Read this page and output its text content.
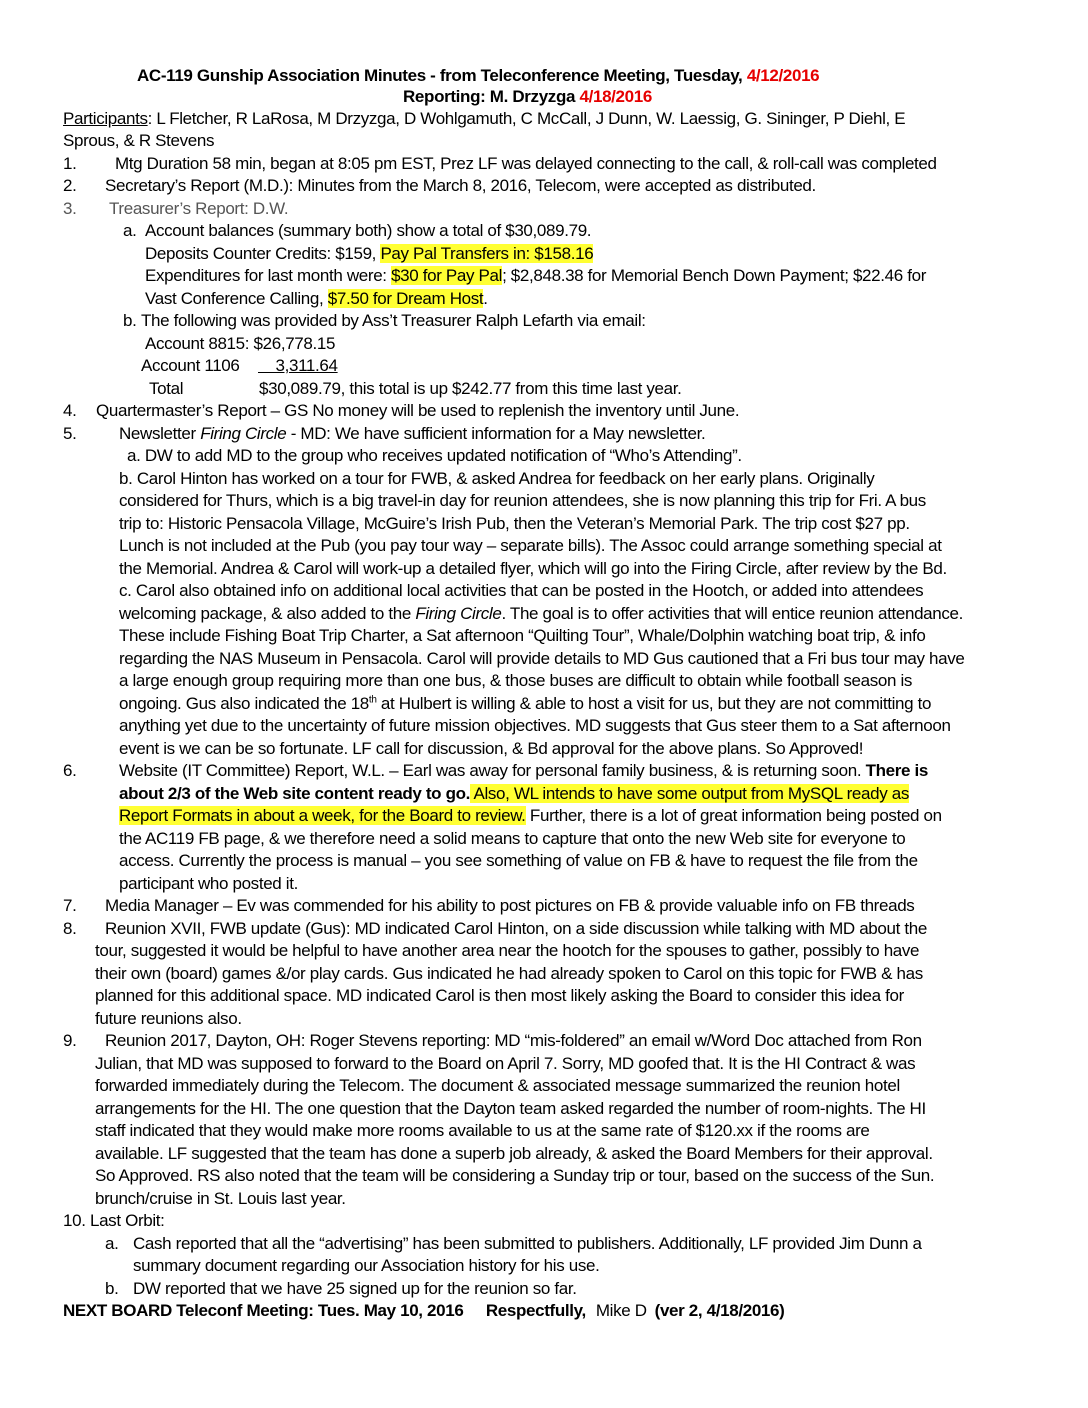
AC-119 Gunship Association Minutes - from Teleconference Meeting, Tuesday, 4/12/2016
Reporting: M. Drzyzga 4/18/2016
Participants: L Fletcher, R LaRosa, M Drzyzga, D Wohlgamuth, C McCall, J Dunn, W. Laessig, G. Sininger, P Diehl, E
Sprous, & R Stevens
1. Mtg Duration 58 min, began at 8:05 pm EST, Prez LF was delayed connecting to the call, & roll-call was completed
2. Secretary’s Report (M.D.): Minutes from the March 8, 2016, Telecom, were accepted as distributed.
3. Treasurer’s Report: D.W.
a. Account balances (summary both) show a total of $30,089.79.
Deposits Counter Credits: $159, Pay Pal Transfers in: $158.16
Expenditures for last month were: $30 for Pay Pal; $2,848.38 for Memorial Bench Down Payment; $22.46 for
Vast Conference Calling, $7.50 for Dream Host.
b. The following was provided by Ass’t Treasurer Ralph Lefarth via email:
Account 8815: $26,778.15
Account 1106 3,311.64
Total	$30,089.79, this total is up $242.77 from this time last year.
4. Quartermaster’s Report – GS No money will be used to replenish the inventory until June.
5.	Newsletter Firing Circle - MD: We have sufficient information for a May newsletter.
a. DW to add MD to the group who receives updated notification of “Who’s Attending”.
b. Carol Hinton has worked on a tour for FWB, & asked Andrea for feedback on her early plans. Originally
considered for Thurs, which is a big travel-in day for reunion attendees, she is now planning this trip for Fri. A bus
trip to: Historic Pensacola Village, McGuire’s Irish Pub, then the Veteran’s Memorial Park. The trip cost $27 pp.
Lunch is not included at the Pub (you pay tour way – separate bills). The Assoc could arrange something special at
the Memorial. Andrea & Carol will work-up a detailed flyer, which will go into the Firing Circle, after review by the Bd.
c. Carol also obtained info on additional local activities that can be posted in the Hootch, or added into attendees
welcoming package, & also added to the Firing Circle. The goal is to offer activities that will entice reunion attendance.
These include Fishing Boat Trip Charter, a Sat afternoon “Quilting Tour”, Whale/Dolphin watching boat trip, & info
regarding the NAS Museum in Pensacola. Carol will provide details to MD Gus cautioned that a Fri bus tour may have
a large enough group requiring more than one bus, & those buses are difficult to obtain while football season is
ongoing. Gus also indicated the 18th at Hulbert is willing & able to host a visit for us, but they are not committing to
anything yet due to the uncertainty of future mission objectives. MD suggests that Gus steer them to a Sat afternoon
event is we can be so fortunate. LF call for discussion, & Bd approval for the above plans. So Approved!
6.	Website (IT Committee) Report, W.L. – Earl was away for personal family business, & is returning soon. There is
about 2/3 of the Web site content ready to go. Also, WL intends to have some output from MySQL ready as
Report Formats in about a week, for the Board to review. Further, there is a lot of great information being posted on
the AC119 FB page, & we therefore need a solid means to capture that onto the new Web site for everyone to
access. Currently the process is manual – you see something of value on FB & have to request the file from the
participant who posted it.
7. Media Manager – Ev was commended for his ability to post pictures on FB & provide valuable info on FB threads
8. Reunion XVII, FWB update (Gus): MD indicated Carol Hinton, on a side discussion while talking with MD about the
tour, suggested it would be helpful to have another area near the hootch for the spouses to gather, possibly to have
their own (board) games &/or play cards. Gus indicated he had already spoken to Carol on this topic for FWB & has
planned for this additional space. MD indicated Carol is then most likely asking the Board to consider this idea for
future reunions also.
9. Reunion 2017, Dayton, OH: Roger Stevens reporting: MD “mis-foldered” an email w/Word Doc attached from Ron
Julian, that MD was supposed to forward to the Board on April 7. Sorry, MD goofed that. It is the HI Contract & was
forwarded immediately during the Telecom. The document & associated message summarized the reunion hotel
arrangements for the HI. The one question that the Dayton team asked regarded the number of room-nights. The HI
staff indicated that they would make more rooms available to us at the same rate of $120.xx if the rooms are
available. LF suggested that the team has done a superb job already, & asked the Board Members for their approval.
So Approved. RS also noted that the team will be considering a Sunday trip or tour, based on the success of the Sun.
brunch/cruise in St. Louis last year.
10. Last Orbit:
a. Cash reported that all the “advertising” has been submitted to publishers. Additionally, LF provided Jim Dunn a
summary document regarding our Association history for his use.
b. DW reported that we have 25 signed up for the reunion so far.
NEXT BOARD Teleconf Meeting: Tues. May 10, 2016 Respectfully, Mike D (ver 2, 4/18/2016)
